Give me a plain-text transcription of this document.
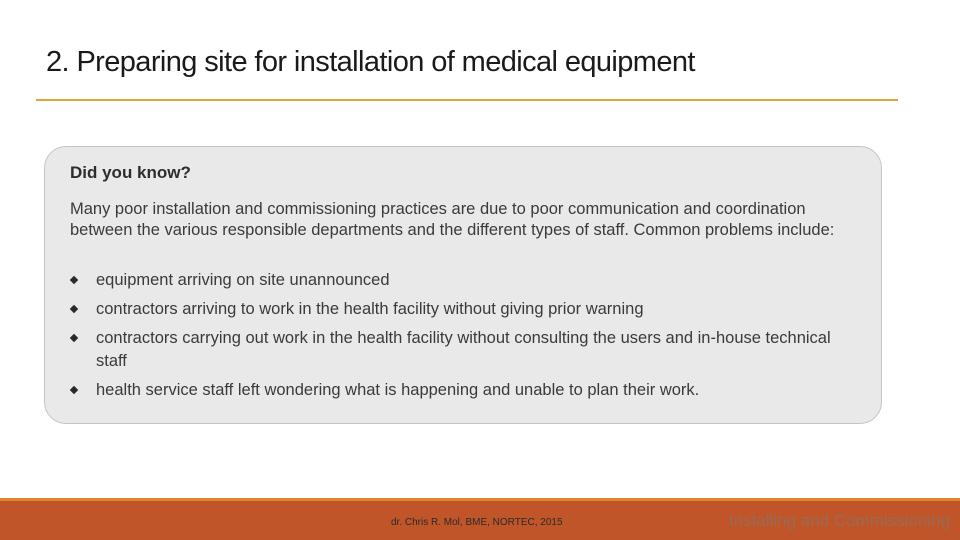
2. Preparing site for installation of medical equipment
Did you know?
Many poor installation and commissioning practices are due to poor communication and coordination between the various responsible departments and the different types of staff. Common problems include:
equipment arriving on site unannounced
contractors arriving to work in the health facility without giving prior warning
contractors carrying out work in the health facility without consulting the users and in-house technical staff
health service staff left wondering what is happening and unable to plan their work.
dr. Chris R. Mol, BME, NORTEC, 2015	Installing and Commissioning
